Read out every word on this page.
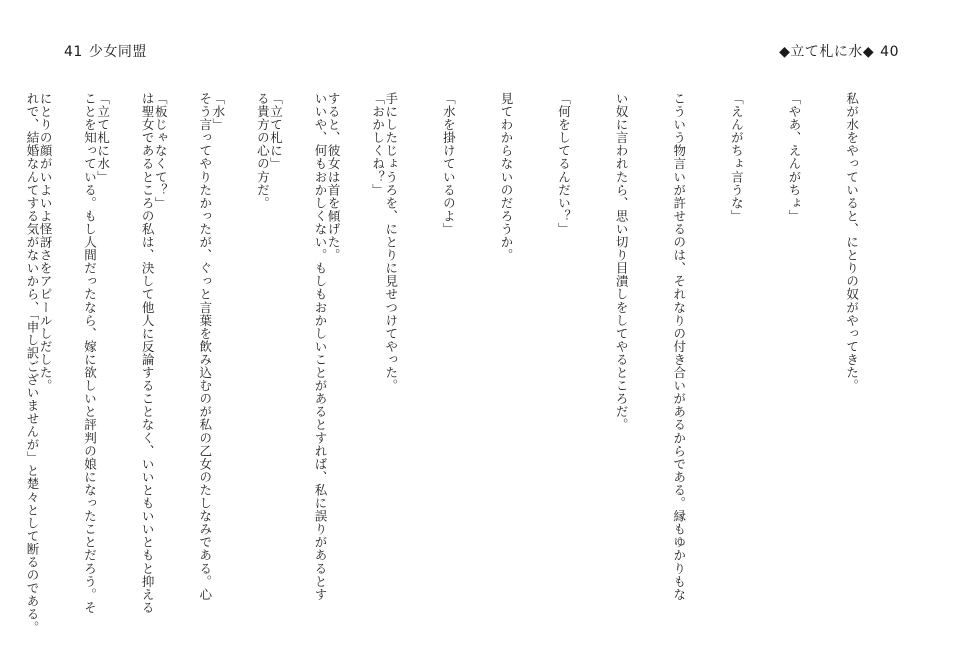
41 少女同盟

「おかしくね？」

いいや、何もおかしくない。もしもおかしいことがあるとすれば、私に誤りがあるとす

る貴方の心の方だ。

そう言ってやりたかったが、ぐっと言葉を飲み込むのが私の乙女のたしなみである。心

は聖女であるところの私は、決して他人に反論することなく、いいともいいともと抑える

ことを知っている。もし人間だったなら、嫁に欲しいと評判の娘になったことだろう。そ

れで、結婚なんてする気がないから、「申し訳ございませんが」と楚々として断るのである。

◆立て札に水◆ 40

私が水をやっていると、にとりの奴がやってきた。

「やあ、えんがちょ」

「えんがちょ言うな」

こういう物言いが許せるのは、それなりの付き合いがあるからである。縁もゆかりもな

い奴に言われたら、思い切り目潰しをしてやるところだ。

「何をしてるんだい？」

見てわからないのだろうか。

「水を掛けているのよ」

手にしたじょうろを、にとりに見せつけてやった。

すると、彼女は首を傾げた。

「立て札に」

「水」

「板じゃなくて？」

「立て札に水」

にとりの顔がいよいよ怪訝さをアピールしだした。
